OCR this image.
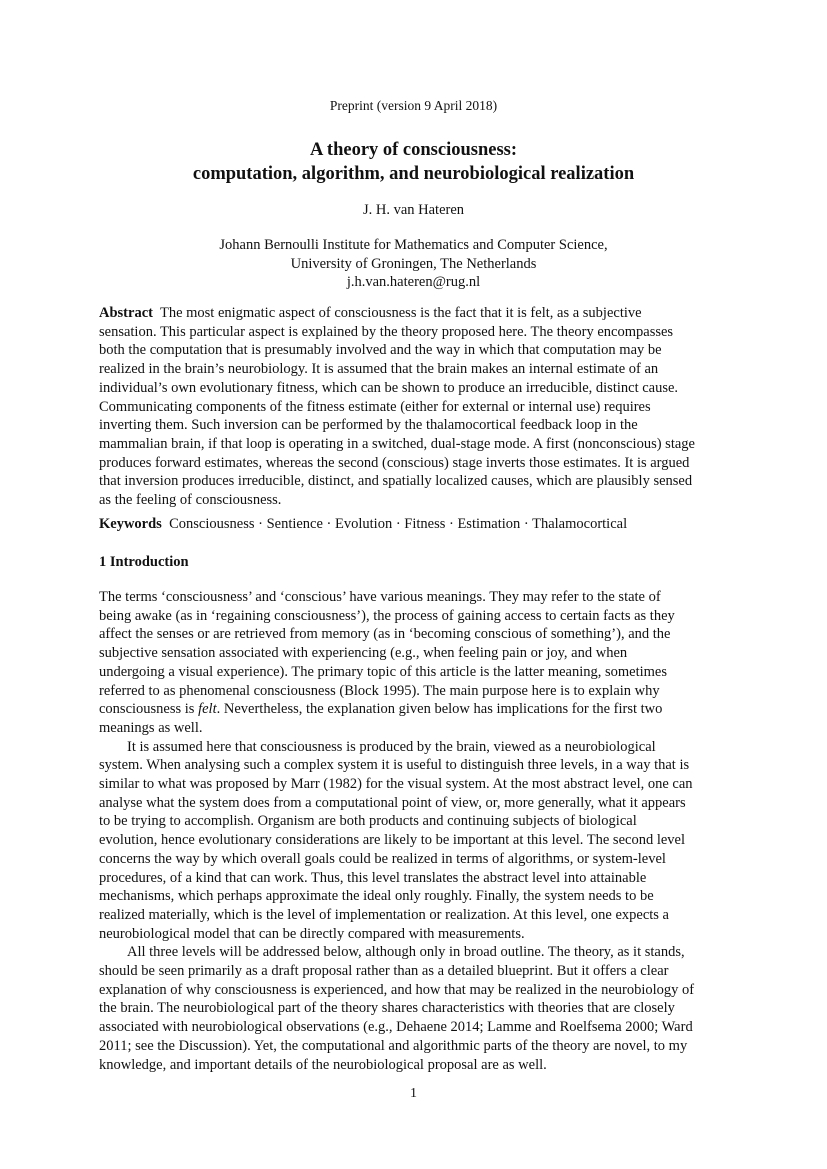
Preprint (version 9 April 2018)
A theory of consciousness:
computation, algorithm, and neurobiological realization
J. H. van Hateren
Johann Bernoulli Institute for Mathematics and Computer Science,
University of Groningen, The Netherlands
j.h.van.hateren@rug.nl
Abstract The most enigmatic aspect of consciousness is the fact that it is felt, as a subjective
sensation. This particular aspect is explained by the theory proposed here. The theory encompasses
both the computation that is presumably involved and the way in which that computation may be
realized in the brain’s neurobiology. It is assumed that the brain makes an internal estimate of an
individual’s own evolutionary fitness, which can be shown to produce an irreducible, distinct cause.
Communicating components of the fitness estimate (either for external or internal use) requires
inverting them. Such inversion can be performed by the thalamocortical feedback loop in the
mammalian brain, if that loop is operating in a switched, dual-stage mode. A first (nonconscious) stage
produces forward estimates, whereas the second (conscious) stage inverts those estimates. It is argued
that inversion produces irreducible, distinct, and spatially localized causes, which are plausibly sensed
as the feeling of consciousness.
Keywords Consciousness · Sentience · Evolution · Fitness · Estimation · Thalamocortical
1 Introduction
The terms ‘consciousness’ and ‘conscious’ have various meanings. They may refer to the state of
being awake (as in ‘regaining consciousness’), the process of gaining access to certain facts as they
affect the senses or are retrieved from memory (as in ‘becoming conscious of something’), and the
subjective sensation associated with experiencing (e.g., when feeling pain or joy, and when
undergoing a visual experience). The primary topic of this article is the latter meaning, sometimes
referred to as phenomenal consciousness (Block 1995). The main purpose here is to explain why
consciousness is felt. Nevertheless, the explanation given below has implications for the first two
meanings as well.
It is assumed here that consciousness is produced by the brain, viewed as a neurobiological
system. When analysing such a complex system it is useful to distinguish three levels, in a way that is
similar to what was proposed by Marr (1982) for the visual system. At the most abstract level, one can
analyse what the system does from a computational point of view, or, more generally, what it appears
to be trying to accomplish. Organism are both products and continuing subjects of biological
evolution, hence evolutionary considerations are likely to be important at this level. The second level
concerns the way by which overall goals could be realized in terms of algorithms, or system-level
procedures, of a kind that can work. Thus, this level translates the abstract level into attainable
mechanisms, which perhaps approximate the ideal only roughly. Finally, the system needs to be
realized materially, which is the level of implementation or realization. At this level, one expects a
neurobiological model that can be directly compared with measurements.
All three levels will be addressed below, although only in broad outline. The theory, as it stands,
should be seen primarily as a draft proposal rather than as a detailed blueprint. But it offers a clear
explanation of why consciousness is experienced, and how that may be realized in the neurobiology of
the brain. The neurobiological part of the theory shares characteristics with theories that are closely
associated with neurobiological observations (e.g., Dehaene 2014; Lamme and Roelfsema 2000; Ward
2011; see the Discussion). Yet, the computational and algorithmic parts of the theory are novel, to my
knowledge, and important details of the neurobiological proposal are as well.
1
